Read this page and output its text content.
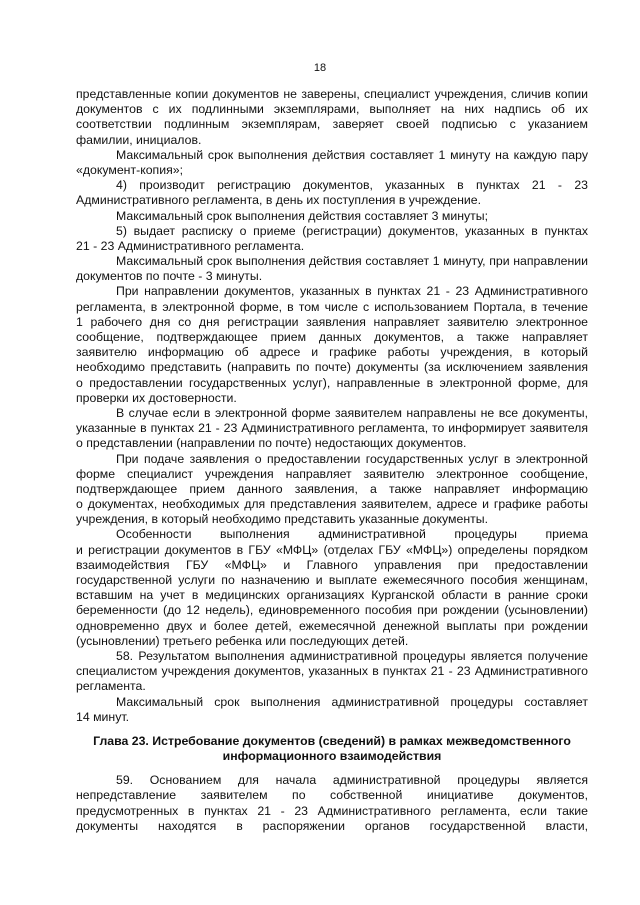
18
представленные копии документов не заверены, специалист учреждения, сличив копии
документов с их подлинными экземплярами, выполняет на них надпись об их
соответствии подлинным экземплярам, заверяет своей подписью с указанием
фамилии, инициалов.
Максимальный срок выполнения действия составляет 1 минуту на каждую пару
«документ-копия»;
4) производит регистрацию документов, указанных в пунктах 21 - 23
Административного регламента, в день их поступления в учреждение.
Максимальный срок выполнения действия составляет 3 минуты;
5) выдает расписку о приеме (регистрации) документов, указанных в пунктах
21 - 23 Административного регламента.
Максимальный срок выполнения действия составляет 1 минуту, при направлении
документов по почте - 3 минуты.
При направлении документов, указанных в пунктах 21 - 23 Административного
регламента, в электронной форме, в том числе с использованием Портала, в течение
1 рабочего дня со дня регистрации заявления направляет заявителю электронное
сообщение, подтверждающее прием данных документов, а также направляет
заявителю информацию об адресе и графике работы учреждения, в который
необходимо представить (направить по почте) документы (за исключением заявления
о предоставлении государственных услуг), направленные в электронной форме, для
проверки их достоверности.
В случае если в электронной форме заявителем направлены не все документы,
указанные в пунктах 21 - 23 Административного регламента, то информирует заявителя
о представлении (направлении по почте) недостающих документов.
При подаче заявления о предоставлении государственных услуг в электронной
форме специалист учреждения направляет заявителю электронное сообщение,
подтверждающее прием данного заявления, а также направляет информацию
о документах, необходимых для представления заявителем, адресе и графике работы
учреждения, в который необходимо представить указанные документы.
Особенности выполнения административной процедуры приема
и регистрации документов в ГБУ «МФЦ» (отделах ГБУ «МФЦ») определены порядком
взаимодействия ГБУ «МФЦ» и Главного управления при предоставлении
государственной услуги по назначению и выплате ежемесячного пособия женщинам,
вставшим на учет в медицинских организациях Курганской области в ранние сроки
беременности (до 12 недель), единовременного пособия при рождении (усыновлении)
одновременно двух и более детей, ежемесячной денежной выплаты при рождении
(усыновлении) третьего ребенка или последующих детей.
58. Результатом выполнения административной процедуры является получение
специалистом учреждения документов, указанных в пунктах 21 - 23 Административного
регламента.
Максимальный срок выполнения административной процедуры составляет
14 минут.
Глава 23. Истребование документов (сведений) в рамках межведомственного
информационного взаимодействия
59. Основанием для начала административной процедуры является
непредставление заявителем по собственной инициативе документов,
предусмотренных в пунктах 21 - 23 Административного регламента, если такие
документы находятся в распоряжении органов государственной власти,
